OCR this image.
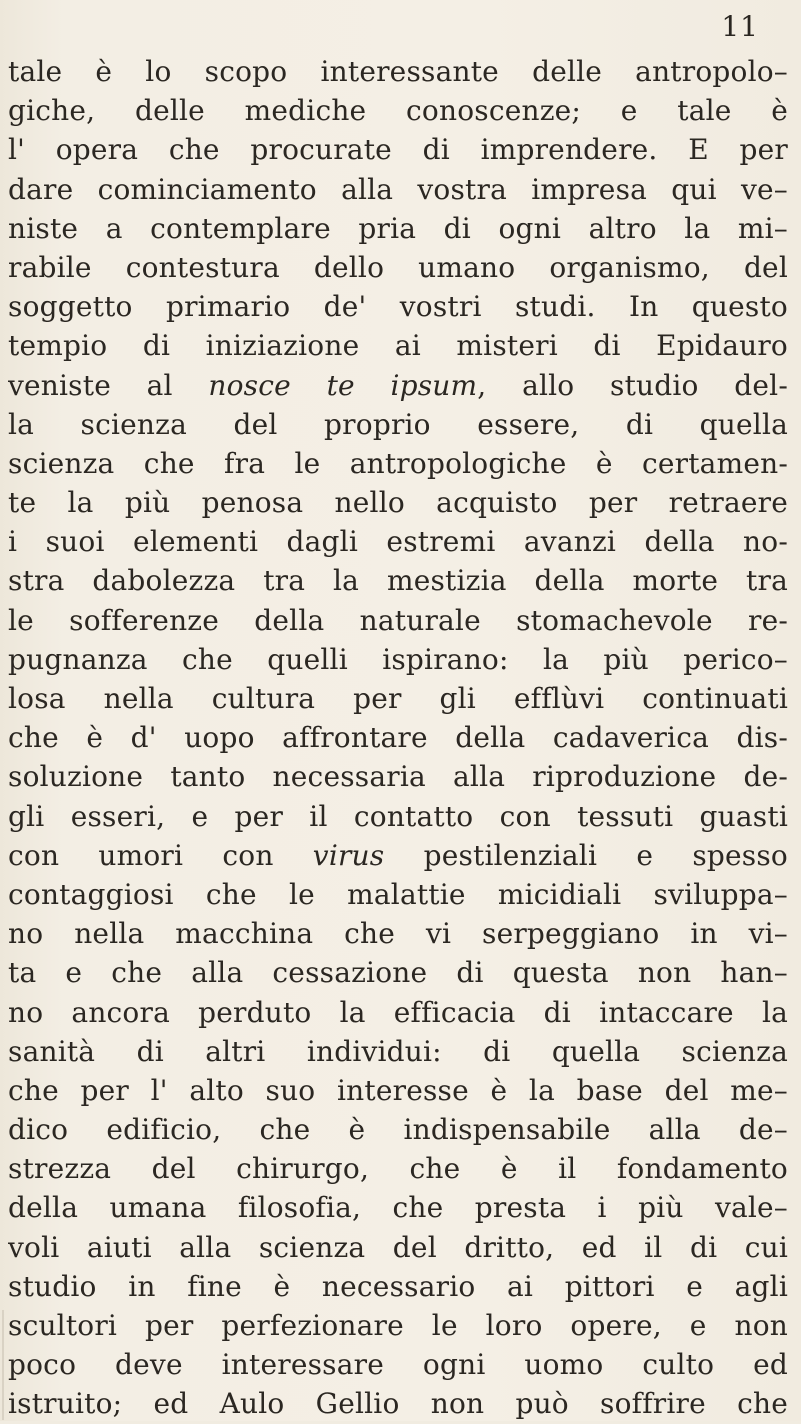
11
tale è lo scopo interessante delle antropolo–
giche, delle mediche conoscenze; e tale è
l' opera che procurate di imprendere. E per
dare cominciamento alla vostra impresa qui ve–
niste a contemplare pria di ogni altro la mi–
rabile contestura dello umano organismo, del
soggetto primario de' vostri studi. In questo
tempio di iniziazione ai misteri di Epidauro
veniste al nosce te ipsum, allo studio del-
la scienza del proprio essere, di quella
scienza che fra le antropologiche è certamen-
te la più penosa nello acquisto per retraere
i suoi elementi dagli estremi avanzi della no-
stra dabolezza tra la mestizia della morte tra
le sofferenze della naturale stomachevole re-
pugnanza che quelli ispirano: la più perico–
losa nella cultura per gli efflùvi continuati
che è d' uopo affrontare della cadaverica dis-
soluzione tanto necessaria alla riproduzione de-
gli esseri, e per il contatto con tessuti guasti
con umori con virus pestilenziali e spesso
contaggiosi che le malattie micidiali sviluppa–
no nella macchina che vi serpeggiano in vi–
ta e che alla cessazione di questa non han–
no ancora perduto la efficacia di intaccare la
sanità di altri individui: di quella scienza
che per l' alto suo interesse è la base del me–
dico edificio, che è indispensabile alla de–
strezza del chirurgo, che è il fondamento
della umana filosofia, che presta i più vale–
voli aiuti alla scienza del dritto, ed il di cui
studio in fine è necessario ai pittori e agli
scultori per perfezionare le loro opere, e non
poco deve interessare ogni uomo culto ed
istruito; ed Aulo Gellio non può soffrire che
